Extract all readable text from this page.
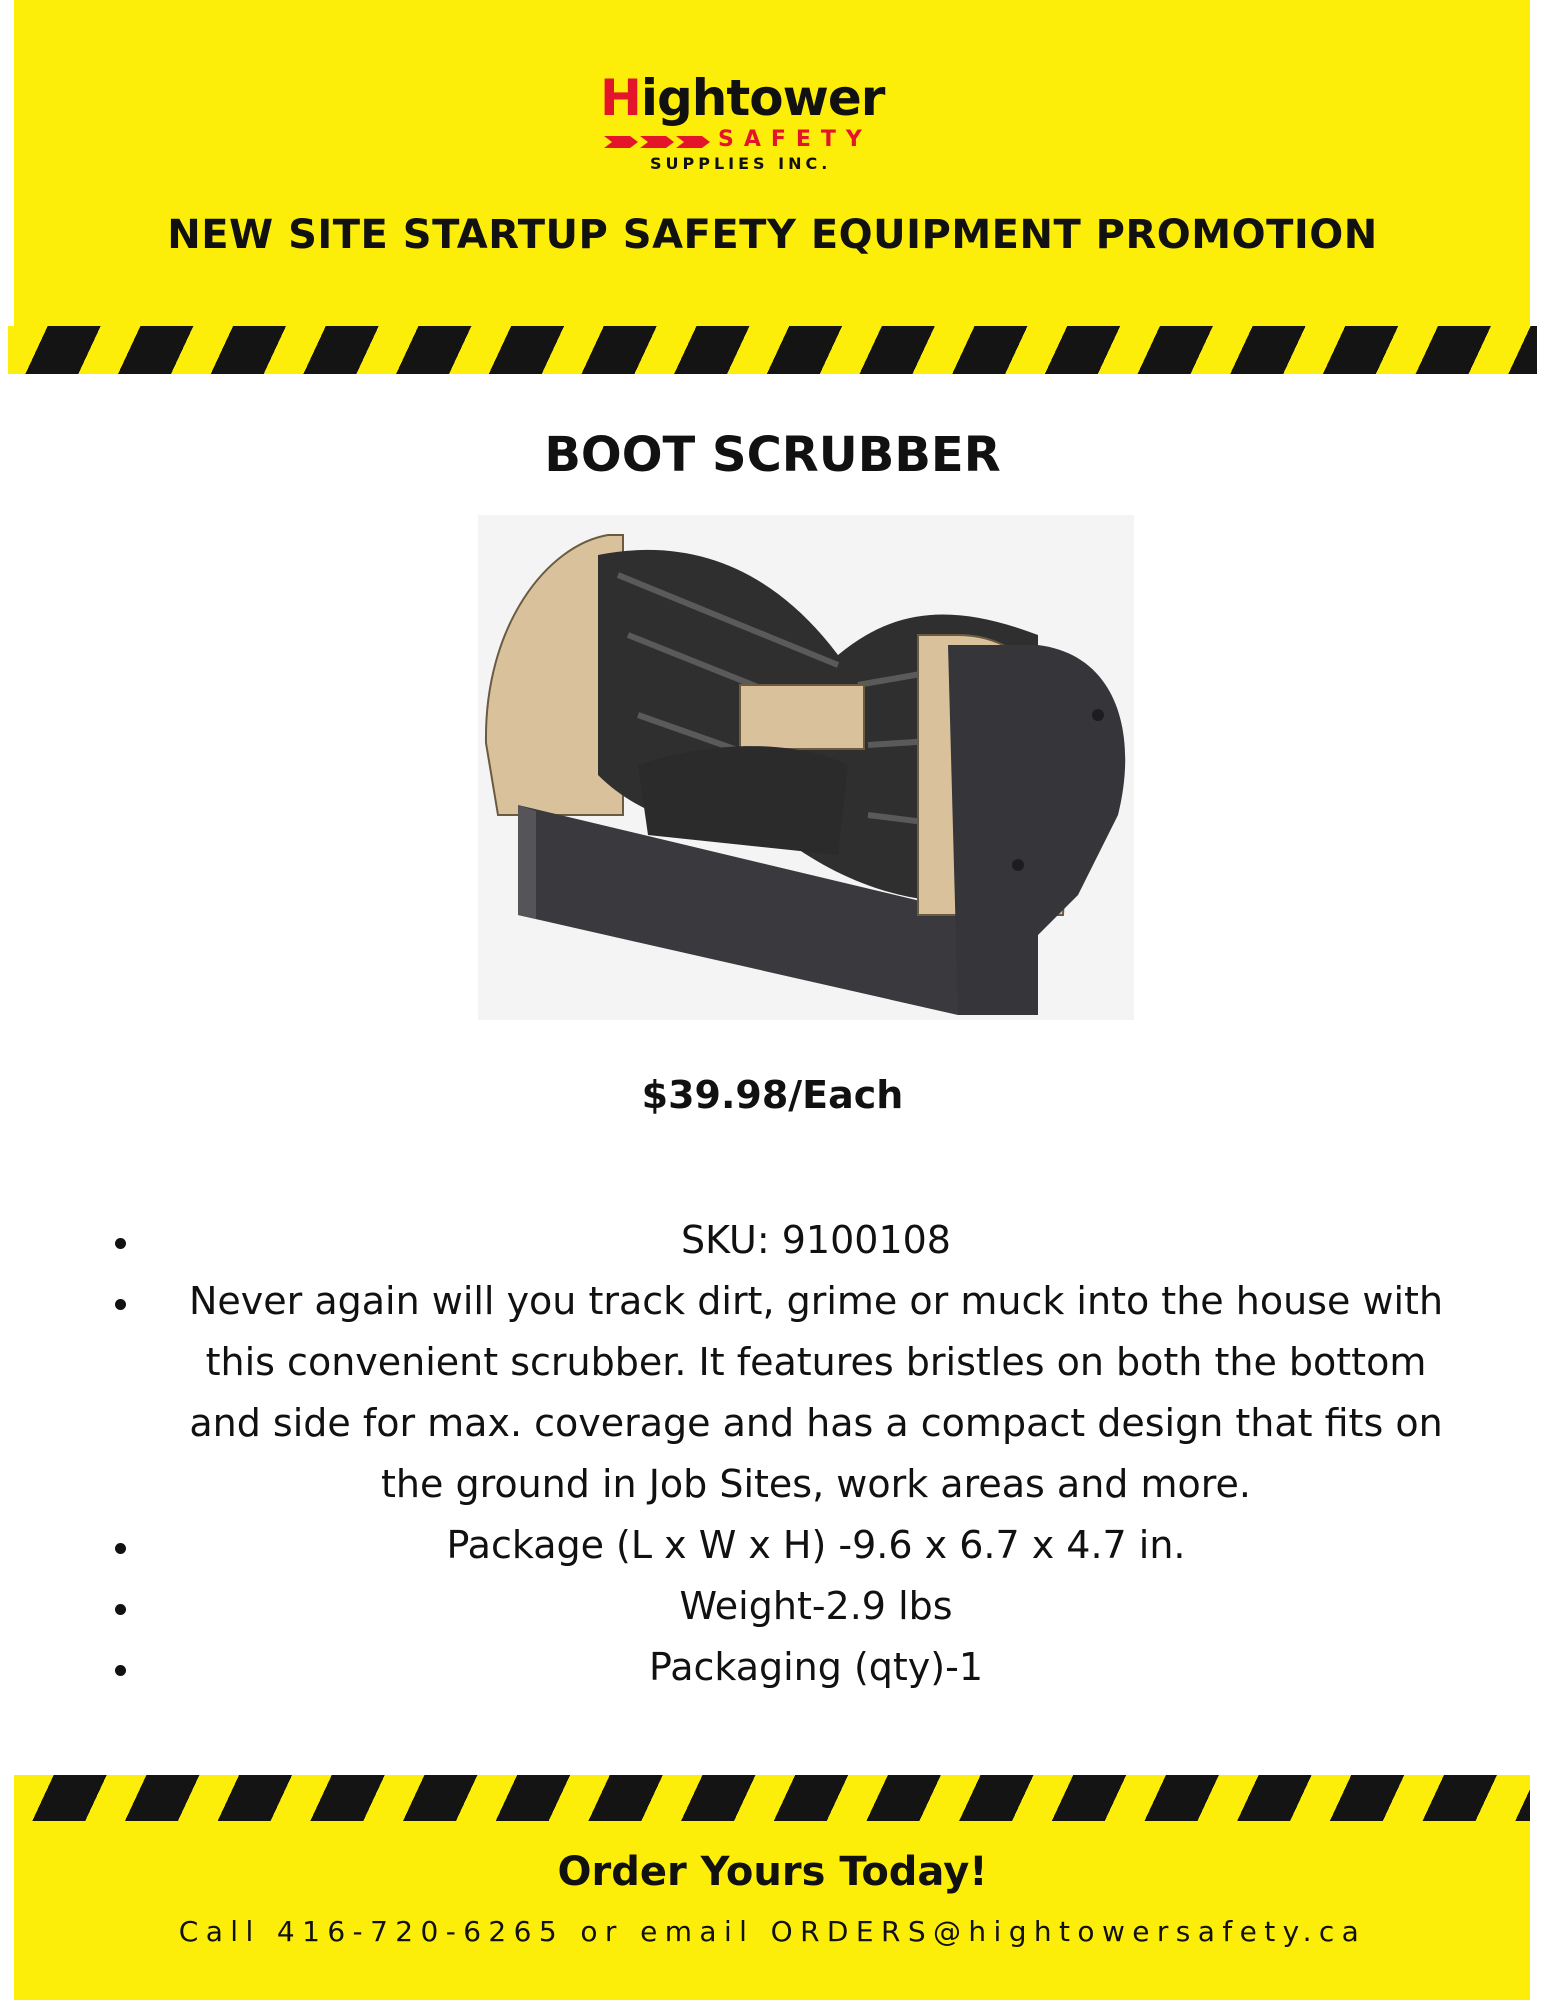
Hightower
SAFETY
SUPPLIES INC.
NEW SITE STARTUP SAFETY EQUIPMENT PROMOTION
BOOT SCRUBBER
$39.98/Each
SKU: 9100108
Never again will you track dirt, grime or muck into the house with this convenient scrubber. It features bristles on both the bottom and side for max. coverage and has a compact design that fits on the ground in Job Sites, work areas and more.
Package (L x W x H) -9.6 x 6.7 x 4.7 in.
Weight-2.9 lbs
Packaging (qty)-1
Order Yours Today!
Call 416-720-6265 or email ORDERS@hightowersafety.ca
